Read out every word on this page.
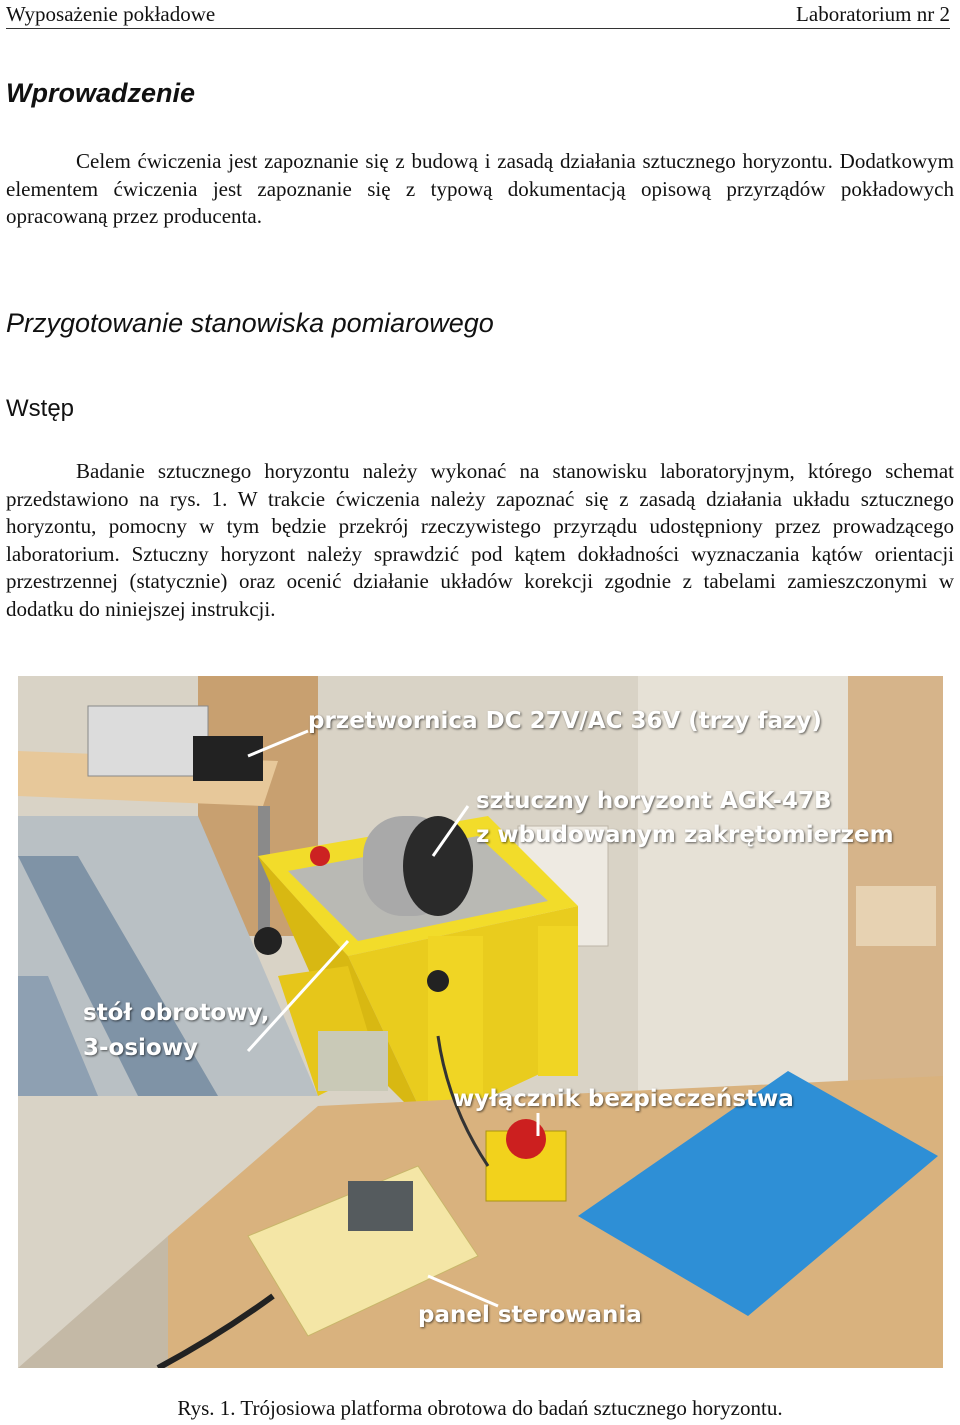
Wyposażenie pokładowe	Laboratorium nr 2
Wprowadzenie

Celem ćwiczenia jest zapoznanie się z budową i zasadą działania sztucznego horyzontu. Dodatkowym elementem ćwiczenia jest zapoznanie się z typową dokumentacją opisową przyrządów pokładowych opracowaną przez producenta.

Przygotowanie stanowiska pomiarowego
Wstęp

Badanie sztucznego horyzontu należy wykonać na stanowisku laboratoryjnym, którego schemat przedstawiono na rys. 1. W trakcie ćwiczenia należy zapoznać się z zasadą działania układu sztucznego horyzontu, pomocny w tym będzie przekrój rzeczywistego przyrządu udostępniony przez prowadzącego laboratorium. Sztuczny horyzont należy sprawdzić pod kątem dokładności wyznaczania kątów orientacji przestrzennej (statycznie) oraz ocenić działanie układów korekcji zgodnie z tabelami zamieszczonymi w dodatku do niniejszej instrukcji.

przetwornica DC 27V/AC 36V (trzy fazy)
sztuczny horyzont AGK-47B
z wbudowanym zakrętomierzem
stół obrotowy,
3-osiowy
wyłącznik bezpieczeństwa
panel sterowania
Rys. 1. Trójosiowa platforma obrotowa do badań sztucznego horyzontu.
